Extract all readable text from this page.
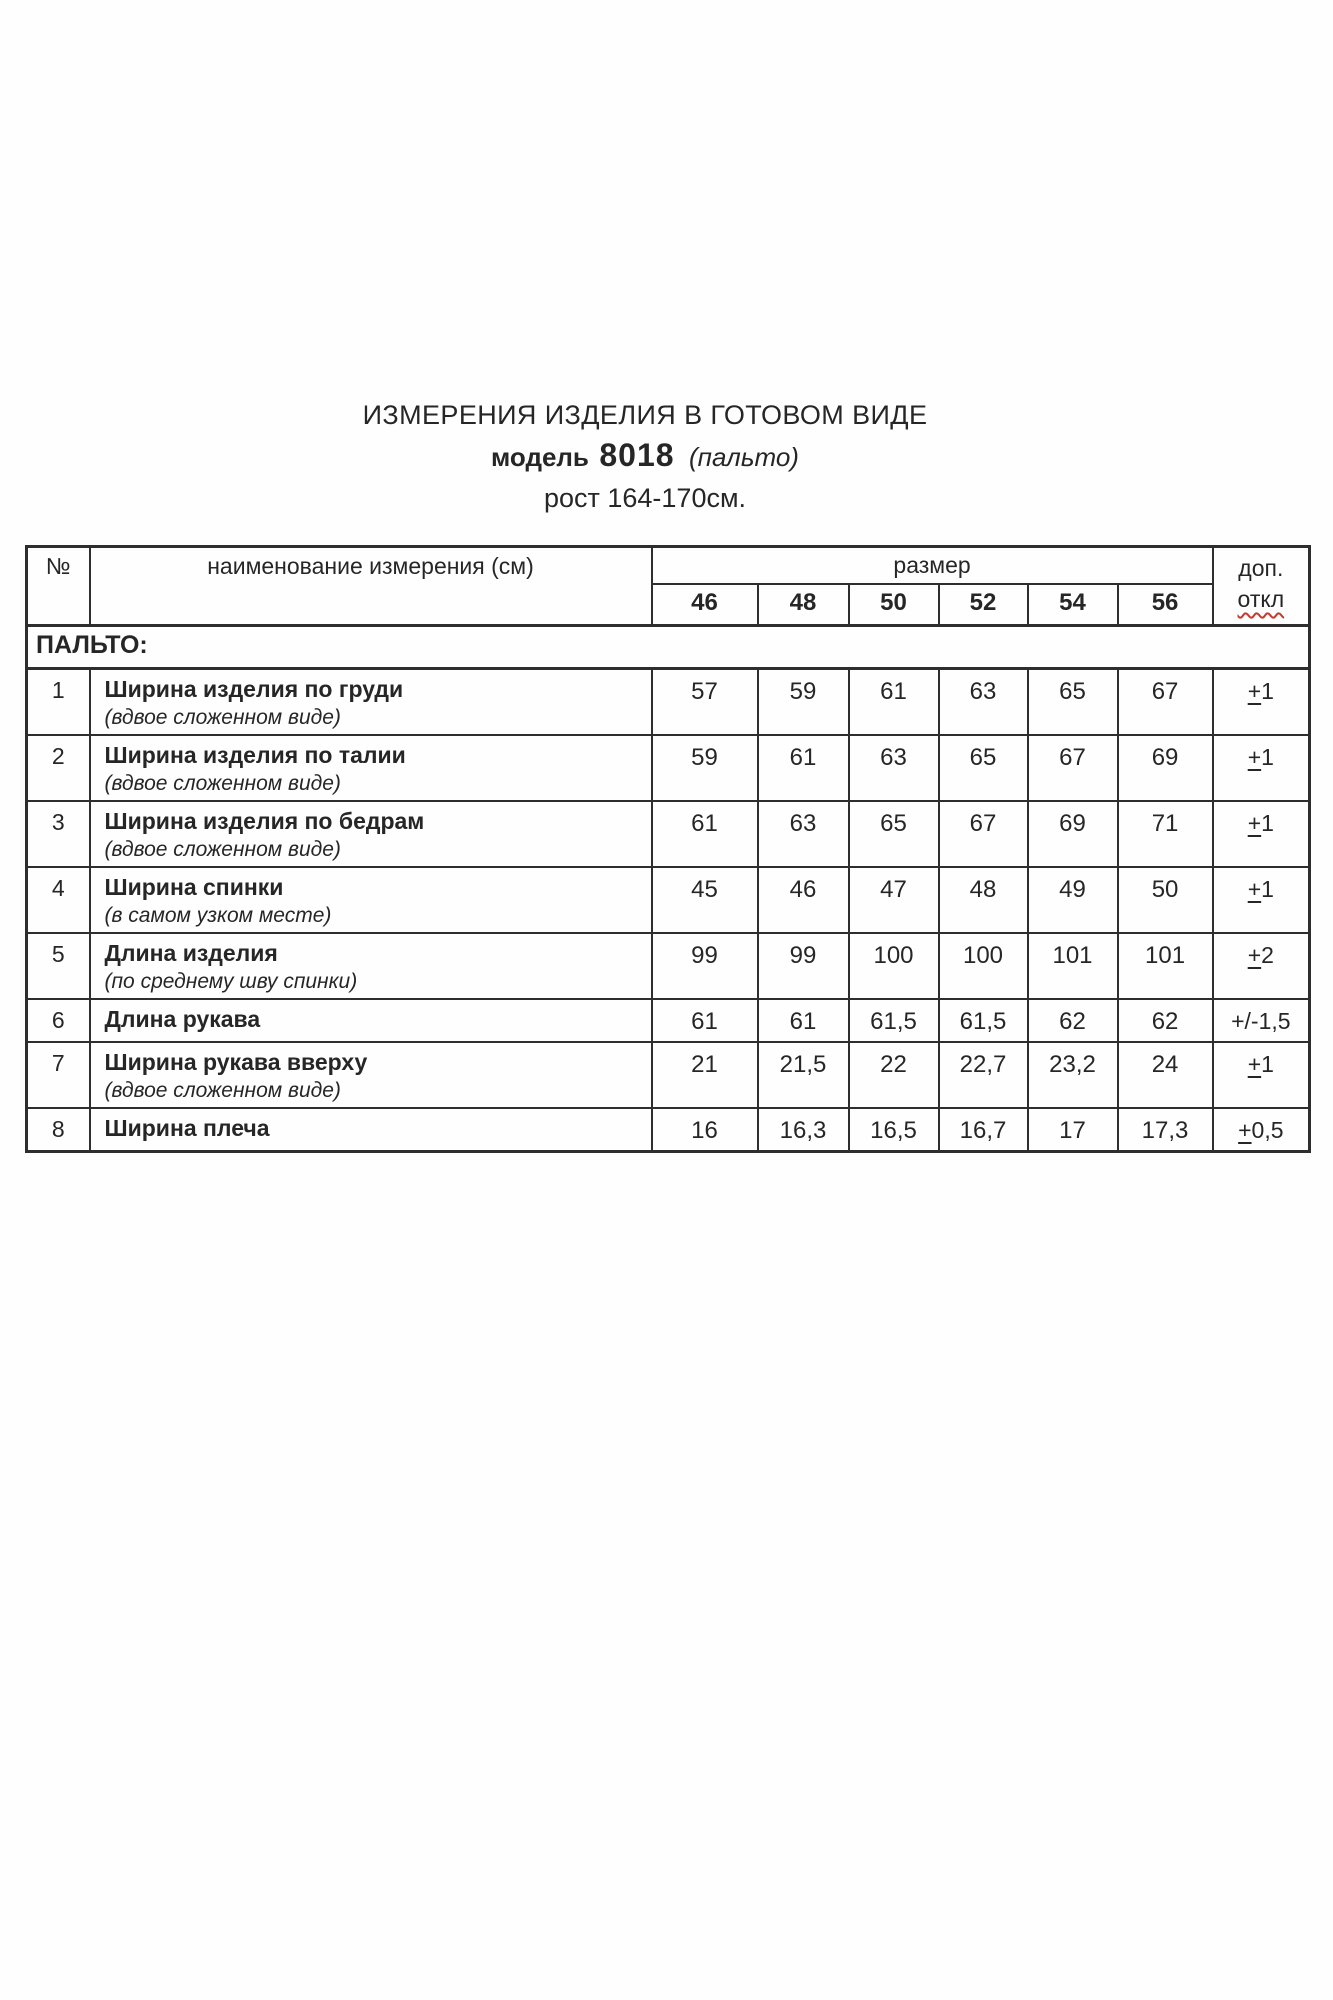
ИЗМЕРЕНИЯ ИЗДЕЛИЯ В ГОТОВОМ ВИДЕ
модель 8018 (пальто)
рост 164-170см.
№	наименование измерения (см)	размер						доп.
откл
		46	48	50	52	54	56	
ПАЛЬТО:								
1	Ширина изделия по груди
(вдвое сложенном виде)	57	59	61	63	65	67	+1
2	Ширина изделия по талии
(вдвое сложенном виде)	59	61	63	65	67	69	+1
3	Ширина изделия по бедрам
(вдвое сложенном виде)	61	63	65	67	69	71	+1
4	Ширина спинки
(в самом узком месте)	45	46	47	48	49	50	+1
5	Длина изделия
(по среднему шву спинки)	99	99	100	100	101	101	+2
6	Длина рукава	61	61	61,5	61,5	62	62	+/-1,5
7	Ширина рукава вверху
(вдвое сложенном виде)	21	21,5	22	22,7	23,2	24	+1
8	Ширина плеча	16	16,3	16,5	16,7	17	17,3	+0,5
